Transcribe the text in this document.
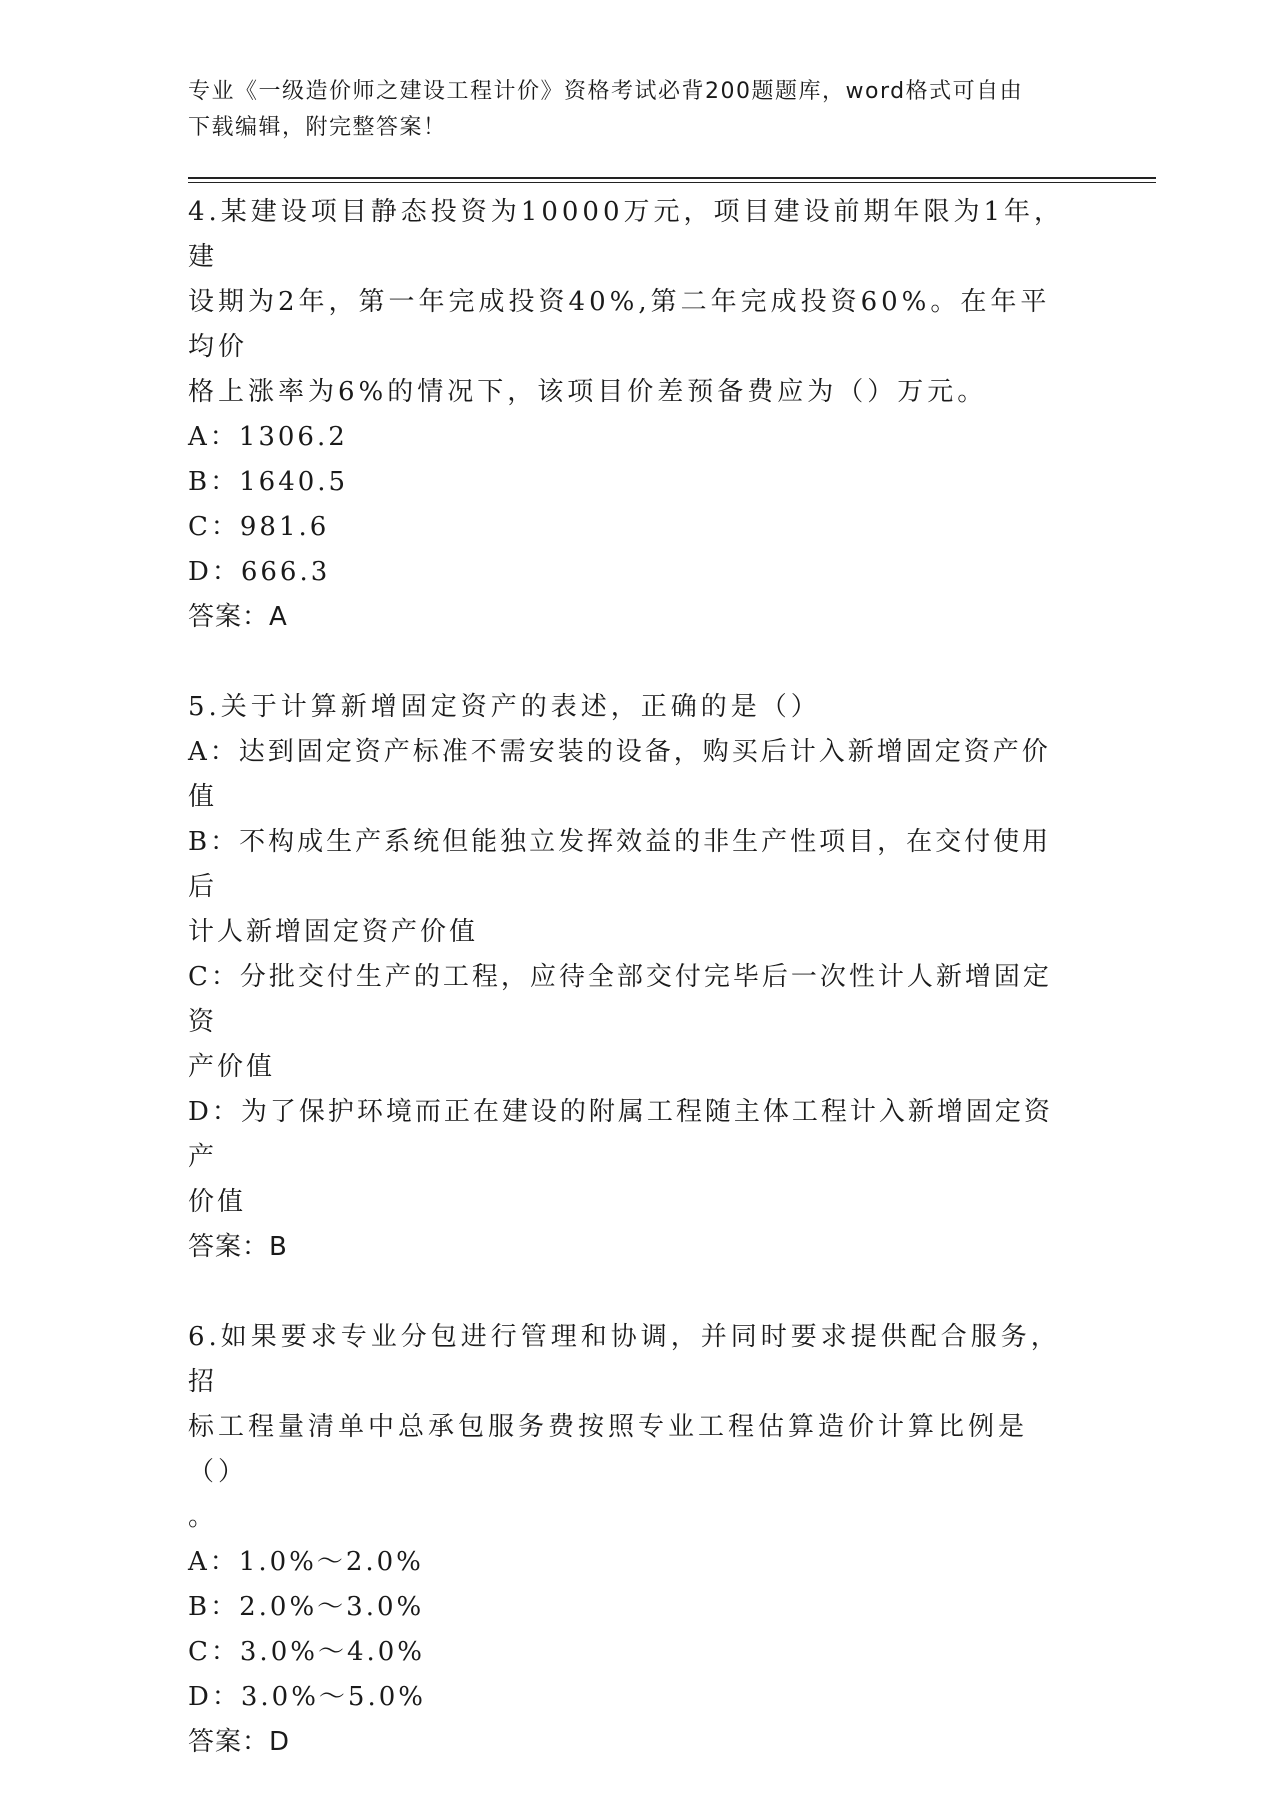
专业《一级造价师之建设工程计价》资格考试必背200题题库，word格式可自由
下载编辑，附完整答案！
4.某建设项目静态投资为10000万元，项目建设前期年限为1年，建
设期为2年，第一年完成投资40%,第二年完成投资60%。在年平均价
格上涨率为6%的情况下，该项目价差预备费应为（）万元。
A：1306.2
B：1640.5
C：981.6
D：666.3
答案：A
5.关于计算新增固定资产的表述，正确的是（）
A：达到固定资产标准不需安装的设备，购买后计入新增固定资产价值
B：不构成生产系统但能独立发挥效益的非生产性项目，在交付使用后
计人新增固定资产价值
C：分批交付生产的工程，应待全部交付完毕后一次性计人新增固定资
产价值
D：为了保护环境而正在建设的附属工程随主体工程计入新增固定资产
价值
答案：B
6.如果要求专业分包进行管理和协调，并同时要求提供配合服务，招
标工程量清单中总承包服务费按照专业工程估算造价计算比例是（）
。
A：1.0%～2.0%
B：2.0%～3.0%
C：3.0%～4.0%
D：3.0%～5.0%
答案：D
